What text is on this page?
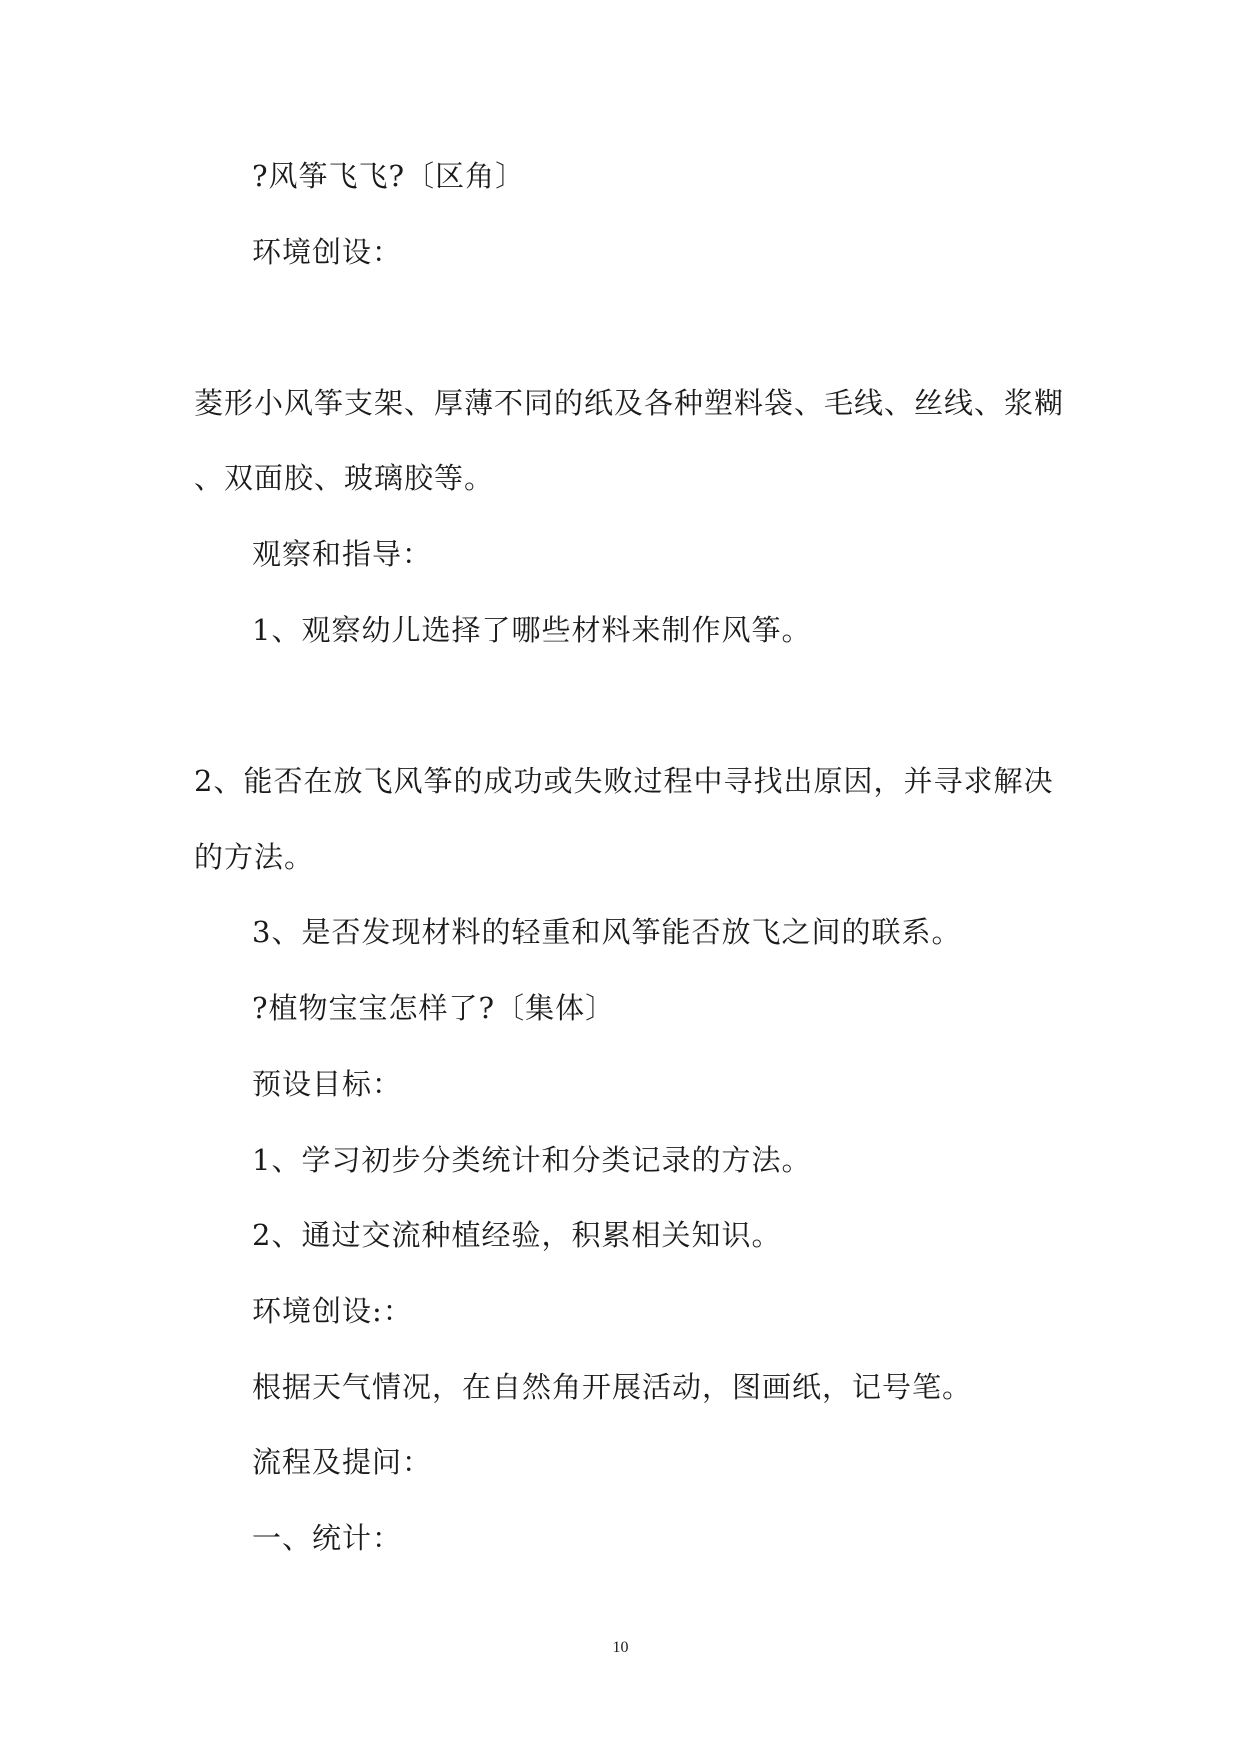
?风筝飞飞?〔区角〕
环境创设：
菱形小风筝支架、厚薄不同的纸及各种塑料袋、毛线、丝线、浆糊
、双面胶、玻璃胶等。
观察和指导：
1、观察幼儿选择了哪些材料来制作风筝。
2、能否在放飞风筝的成功或失败过程中寻找出原因，并寻求解决
的方法。
3、是否发现材料的轻重和风筝能否放飞之间的联系。
?植物宝宝怎样了?〔集体〕
预设目标：
1、学习初步分类统计和分类记录的方法。
2、通过交流种植经验，积累相关知识。
环境创设:：
根据天气情况，在自然角开展活动，图画纸，记号笔。
流程及提问：
一、统计：
10
